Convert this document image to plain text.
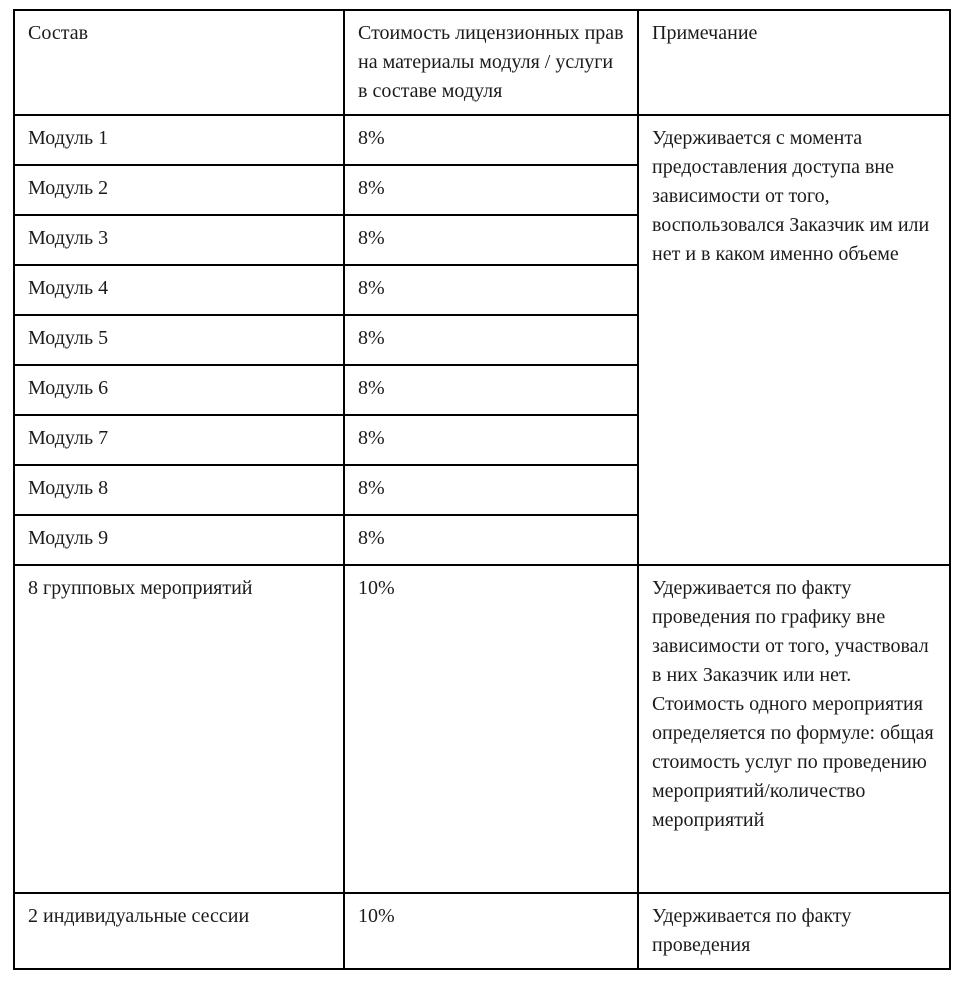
Состав	Стоимость лицензионных прав на материалы модуля / услуги в составе модуля	Примечание
Модуль 1	8%	Удерживается с момента предоставления доступа вне зависимости от того, воспользовался Заказчик им или нет и в каком именно объеме
Модуль 2	8%	
Модуль 3	8%	
Модуль 4	8%	
Модуль 5	8%	
Модуль 6	8%	
Модуль 7	8%	
Модуль 8	8%	
Модуль 9	8%	
8 групповых мероприятий	10%	Удерживается по факту проведения по графику вне зависимости от того, участвовал в них Заказчик или нет. Стоимость одного мероприятия определяется по формуле: общая стоимость услуг по проведению мероприятий/количество мероприятий
2 индивидуальные сессии	10%	Удерживается по факту проведения
